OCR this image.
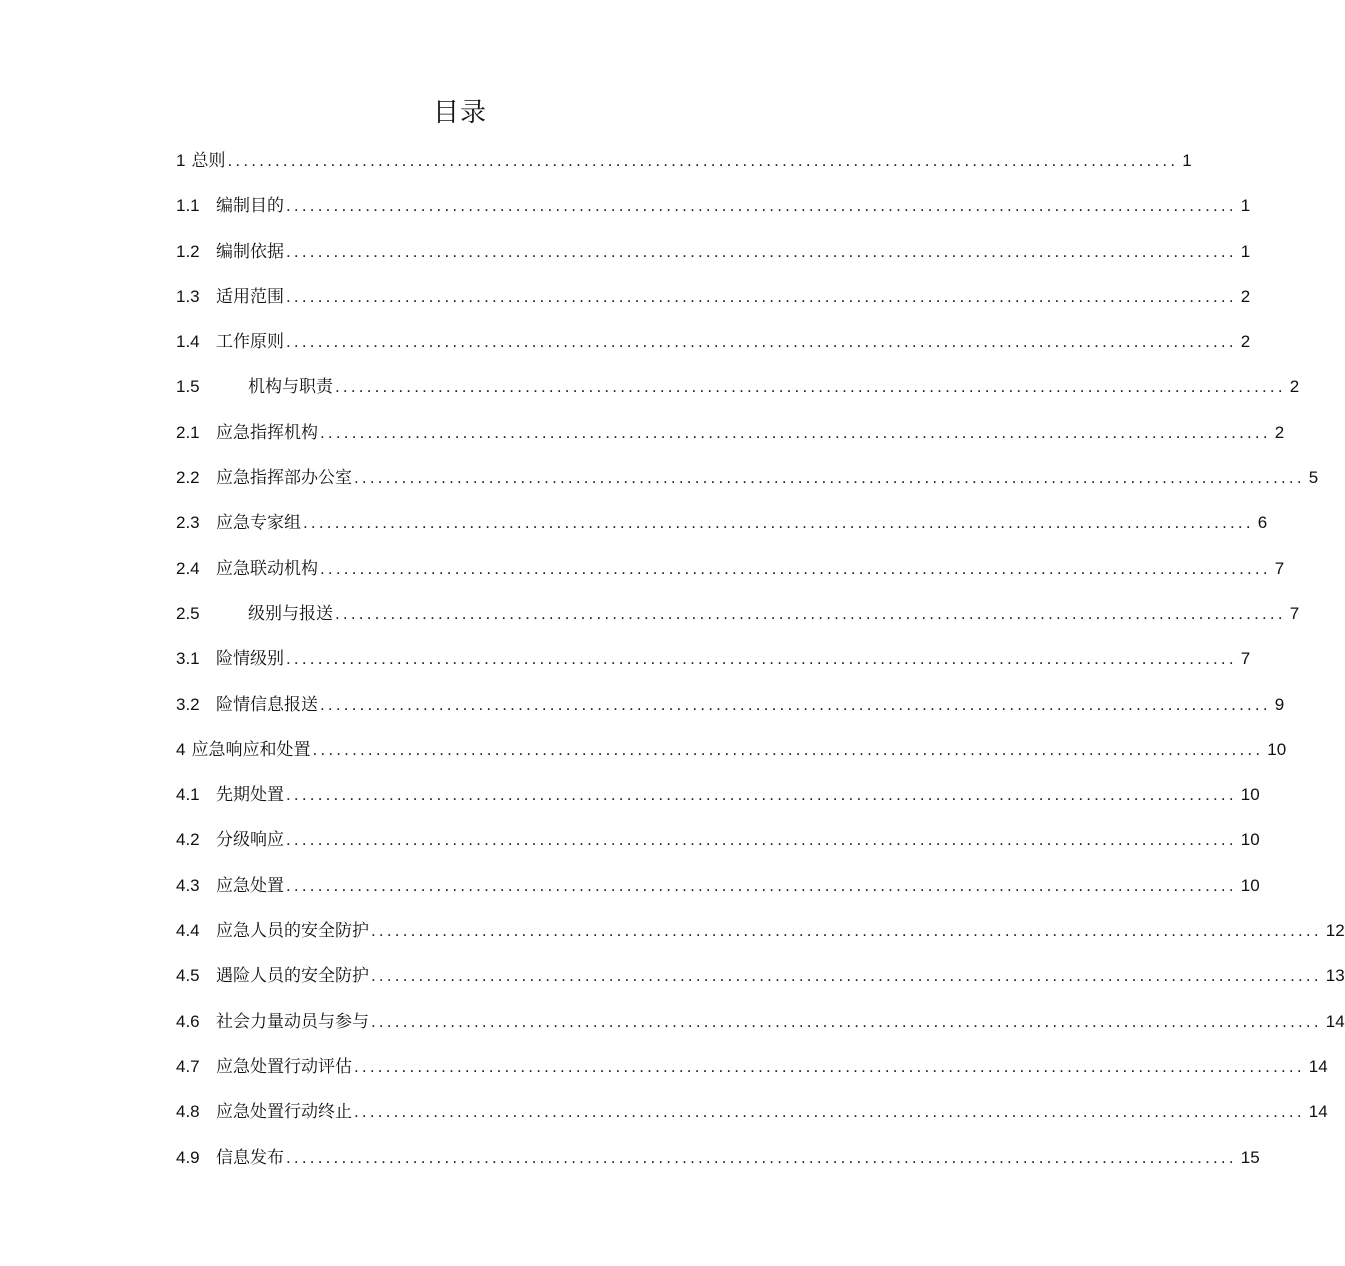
目录
1 总则 ........................................................................................................................ 1
1.1 编制目的 ........................................................................................................................ 1
1.2 编制依据 ........................................................................................................................ 1
1.3 适用范围 ........................................................................................................................ 2
1.4 工作原则 ........................................................................................................................ 2
1.5	机构与职责 ........................................................................................................................ 2
2.1 应急指挥机构 ........................................................................................................................ 2
2.2 应急指挥部办公室 ........................................................................................................................ 5
2.3 应急专家组 ........................................................................................................................ 6
2.4 应急联动机构 ........................................................................................................................ 7
2.5	级别与报送 ........................................................................................................................ 7
3.1 险情级别 ........................................................................................................................ 7
3.2 险情信息报送 ........................................................................................................................ 9
4 应急响应和处置 ........................................................................................................................ 10
4.1 先期处置 ........................................................................................................................ 10
4.2 分级响应 ........................................................................................................................ 10
4.3 应急处置 ........................................................................................................................ 10
4.4 应急人员的安全防护 ........................................................................................................................ 12
4.5 遇险人员的安全防护 ........................................................................................................................ 13
4.6 社会力量动员与参与 ........................................................................................................................ 14
4.7 应急处置行动评估 ........................................................................................................................ 14
4.8 应急处置行动终止 ........................................................................................................................ 14
4.9 信息发布 ........................................................................................................................ 15
